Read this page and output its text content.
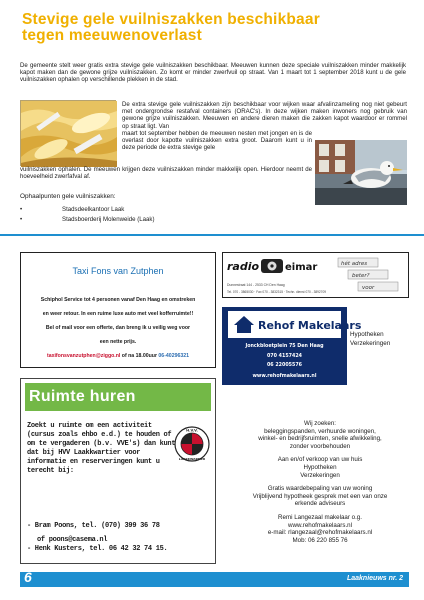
Stevige gele vuilniszakken beschikbaar
tegen meeuwenoverlast
De gemeente stelt weer gratis extra stevige gele vuilniszakken beschikbaar. Meeuwen kunnen deze speciale vuilniszakken minder makkelijk kapot maken dan de gewone grijze vuilniszakken. Zo komt er minder zwerfvuil op straat. Van 1 maart tot 1 september 2018 kunt u de gele vuilniszakken ophalen op verschillende plekken in de stad.
De extra stevige gele vuilniszakken zijn beschikbaar voor wijken waar afvalinzameling nog niet gebeurt met ondergrondse restafval containers (ORAC's). In deze wijken maken inwoners nog gebruik van gewone grijze vuilniszakken. Meeuwen en andere dieren maken die zakken kapot waardoor er rommel op straat ligt. Van
maart tot september hebben de meeuwen nesten met jongen en is de overlast door kapotte vuilniszakken extra groot. Daarom kunt u in deze periode de extra stevige gele
vuilniszakken ophalen. De meeuwen krijgen deze vuilniszakken minder makkelijk open. Hierdoor neemt de hoeveelheid zwerfafval af.
Ophaalpunten gele vuilniszakken:
•	Stadsdeelkantoor Laak
•	Stadsboerderij Molenweide (Laak)
Taxi Fons van Zutphen
Schiphol Service tot 4 personen vanaf Den Haag en omstreken
en weer retour. In een ruime luxe auto met veel kofferruimte!!
Bel of mail voor een offerte, dan breng ik u veilig weg voor
een nette prijs.
taxifonsvanzutphen@ziggo.nl of na 18.00uur 06-40296321
radio	eimar
Dunnestraat 144 - 2533 CH Den Haag
Tel. 070 - 3865030 · Fax 070 - 3832315 · Techn. dienst 070 - 3892709
hét adres
beter?
voor
Rehof Makelaars
Jonckbloetplein 75 Den Haag
070 4157424
06 22005576
www.rehofmakelaars.nl
Hypotheken
Verzekeringen
Ruimte huren
Zoekt u ruimte om een activiteit (cursus zoals ehbo e.d.) te houden of om te vergaderen (b.v. VVE's) dan kunt dat bij HVV Laakkwartier voor informatie en reserveringen kunt u terecht bij:
H.V.V.
LAAKKWARTIER
- Bram Poons, tel. (070) 399 36 78
of poons@casema.nl
- Henk Kusters, tel. 06 42 32 74 15.
Wij zoeken:
beleggingspanden, verhuurde woningen,
winkel- en bedrijfsruimten, snelle afwikkeling,
zonder voorbehouden
Aan en/of verkoop van uw huis
Hypotheken
Verzekeringen
Gratis waardebepaling van uw woning
Vrijblijvend hypotheek gesprek met een van onze
erkende adviseurs
Remi Langezaal makelaar o.g.
www.rehofmakelaars.nl
e-mail: rlangezaal@rehofmakelaars.nl
Mob: 06 220 855 76
6	Laaknieuws nr. 2
